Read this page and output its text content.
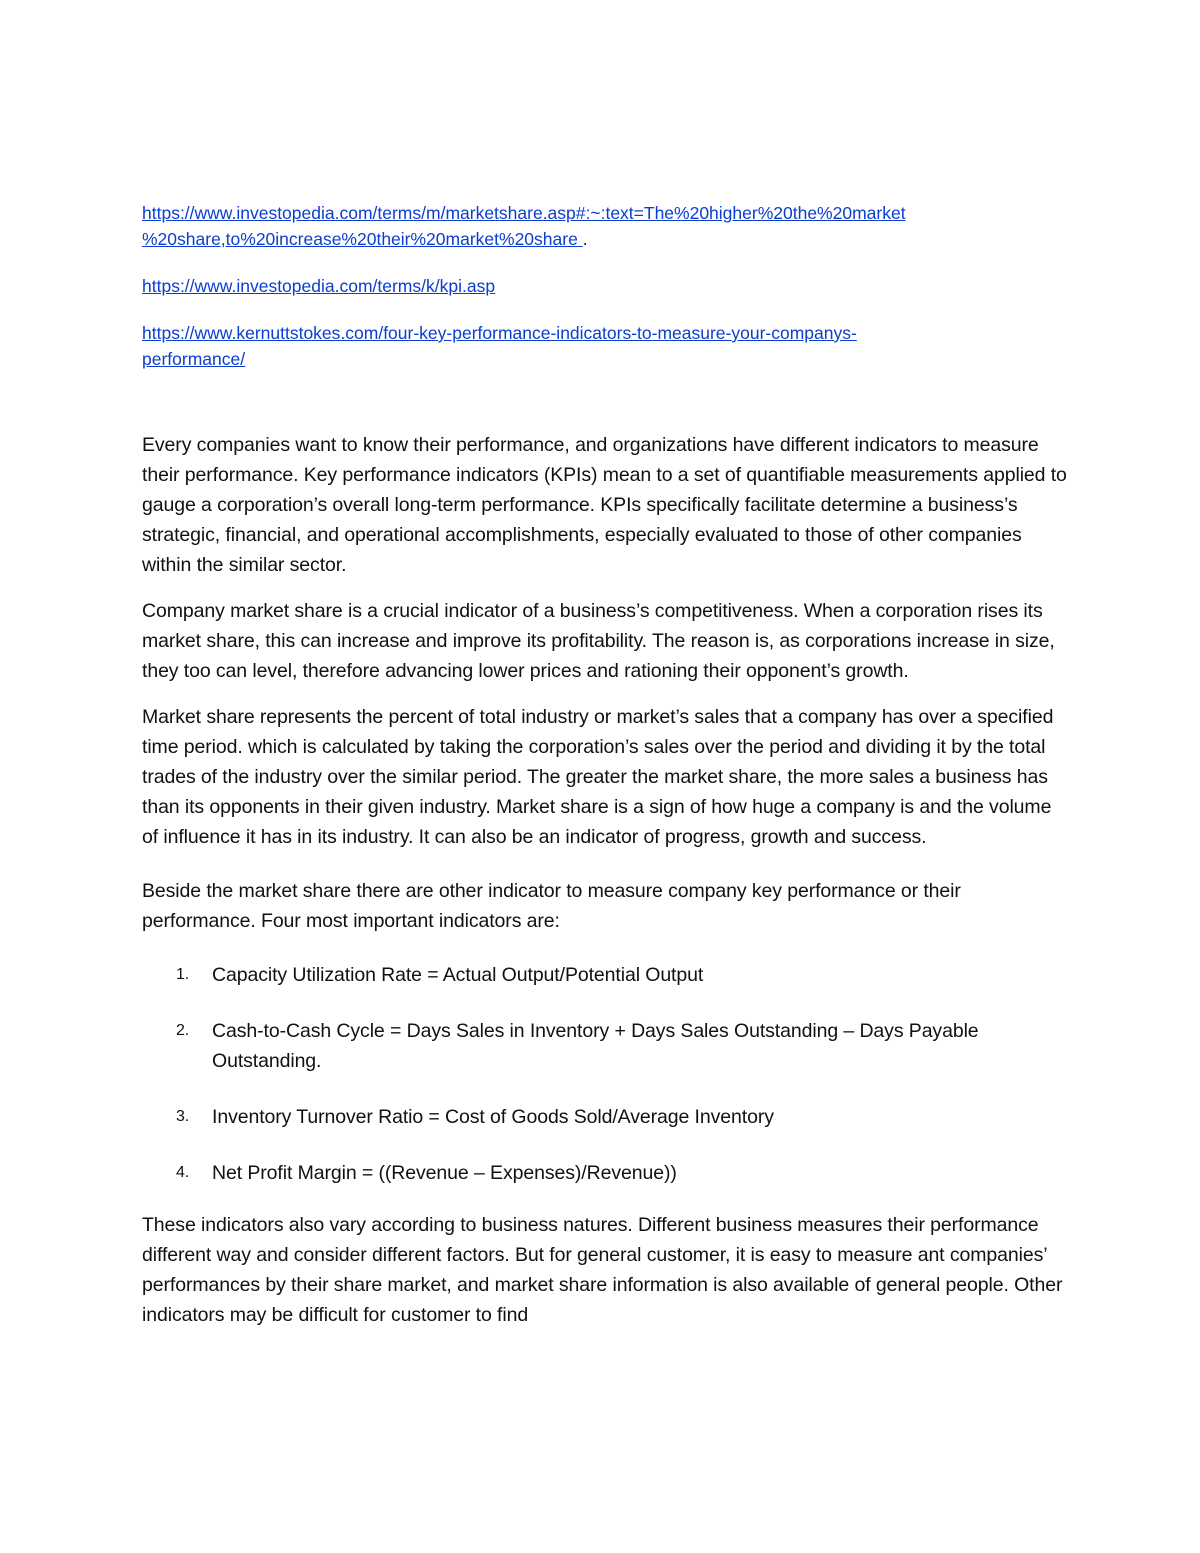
https://www.investopedia.com/terms/m/marketshare.asp#:~:text=The%20higher%20the%20market
%20share,to%20increase%20their%20market%20share .

https://www.investopedia.com/terms/k/kpi.asp

https://www.kernuttstokes.com/four-key-performance-indicators-to-measure-your-companys-
performance/

Every companies want to know their performance, and organizations have different indicators to measure their performance. Key performance indicators (KPIs) mean to a set of quantifiable measurements applied to gauge a corporation’s overall long-term performance. KPIs specifically facilitate determine a business’s strategic, financial, and operational accomplishments, especially evaluated to those of other companies within the similar sector.

Company market share is a crucial indicator of a business’s competitiveness. When a corporation rises its market share, this can increase and improve its profitability. The reason is, as corporations increase in size, they too can level, therefore advancing lower prices and rationing their opponent’s growth.

Market share represents the percent of total industry or market’s sales that a company has over a specified time period. which is calculated by taking the corporation’s sales over the period and dividing it by the total trades of the industry over the similar period. The greater the market share, the more sales a business has than its opponents in their given industry. Market share is a sign of how huge a company is and the volume of influence it has in its industry. It can also be an indicator of progress, growth and success.

Beside the market share there are other indicator to measure company key performance or their performance. Four most important indicators are:

1. Capacity Utilization Rate = Actual Output/Potential Output
2. Cash-to-Cash Cycle = Days Sales in Inventory + Days Sales Outstanding – Days Payable Outstanding.
3. Inventory Turnover Ratio = Cost of Goods Sold/Average Inventory
4. Net Profit Margin = ((Revenue – Expenses)/Revenue))

These indicators also vary according to business natures. Different business measures their performance different way and consider different factors. But for general customer, it is easy to measure ant companies’ performances by their share market, and market share information is also available of general people. Other indicators may be difficult for customer to find
